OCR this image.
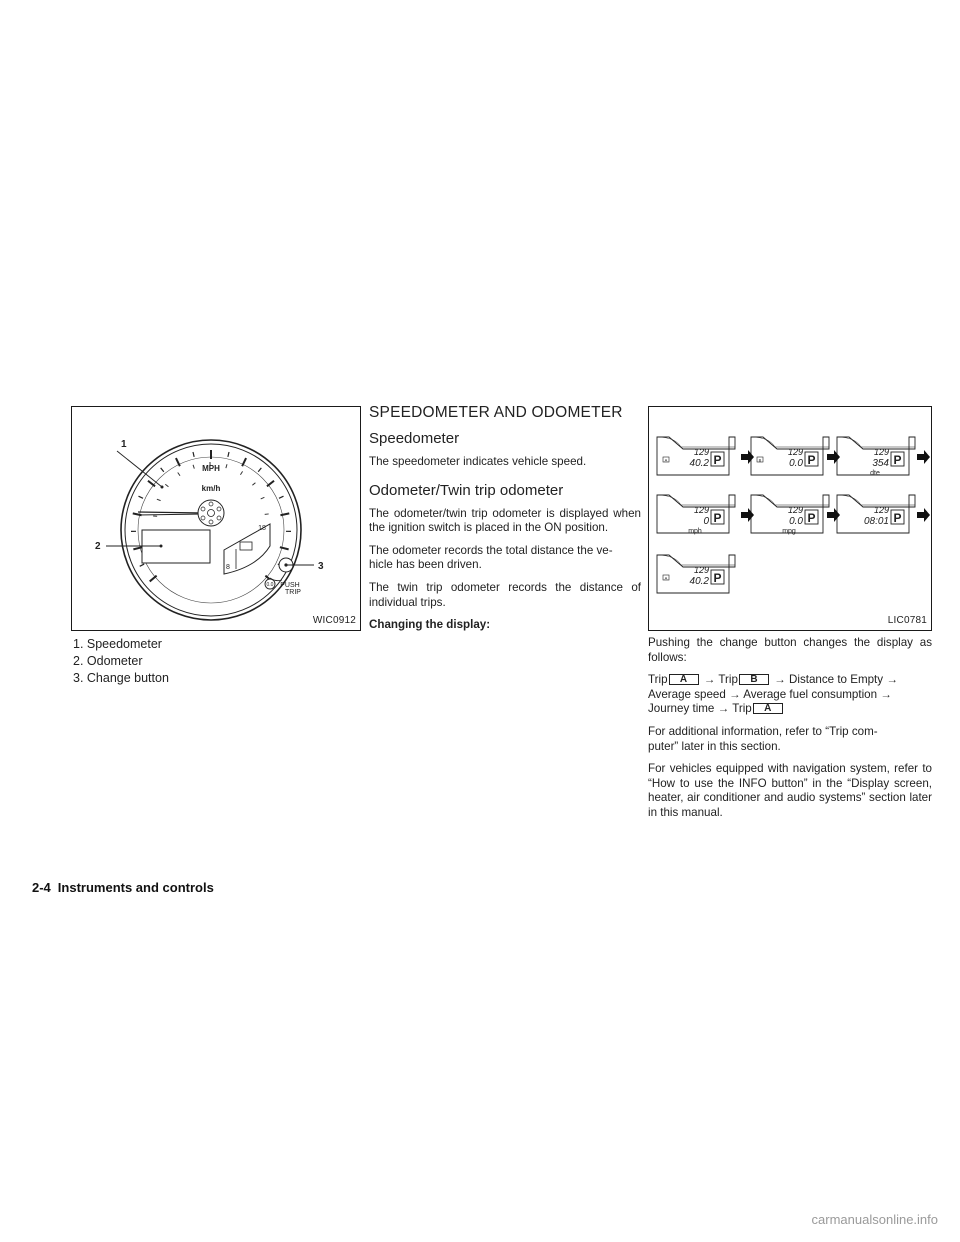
MPH
km/h
18
8
0.0 PUSH TRIP
1
2
3
WIC0912
1. Speedometer
2. Odometer
3. Change button
SPEEDOMETER AND ODOMETER
Speedometer

The speedometer indicates vehicle speed.

Odometer/Twin trip odometer

The odometer/twin trip odometer is displayed when the ignition switch is placed in the ON position.

The odometer records the total distance the ve-
hicle has been driven.

The twin trip odometer records the distance of individual trips.

Changing the display:

A
129
40.2 P	B
129
0.0 P
129
354 P
dte
129
0 P
mph
129
0.0 P
mpg
129
08:01 P
A
129
40.2 P
LIC0781

Pushing the change button changes the display as follows:

Trip A → Trip B → Distance to Empty →
Average speed → Average fuel consumption →
Journey time → Trip A

For additional information, refer to “Trip com-
puter” later in this section.

For vehicles equipped with navigation system, refer to “How to use the INFO button” in the “Display screen, heater, air conditioner and audio systems” section later in this manual.

2-4 Instruments and controls
carmanualsonline.info
